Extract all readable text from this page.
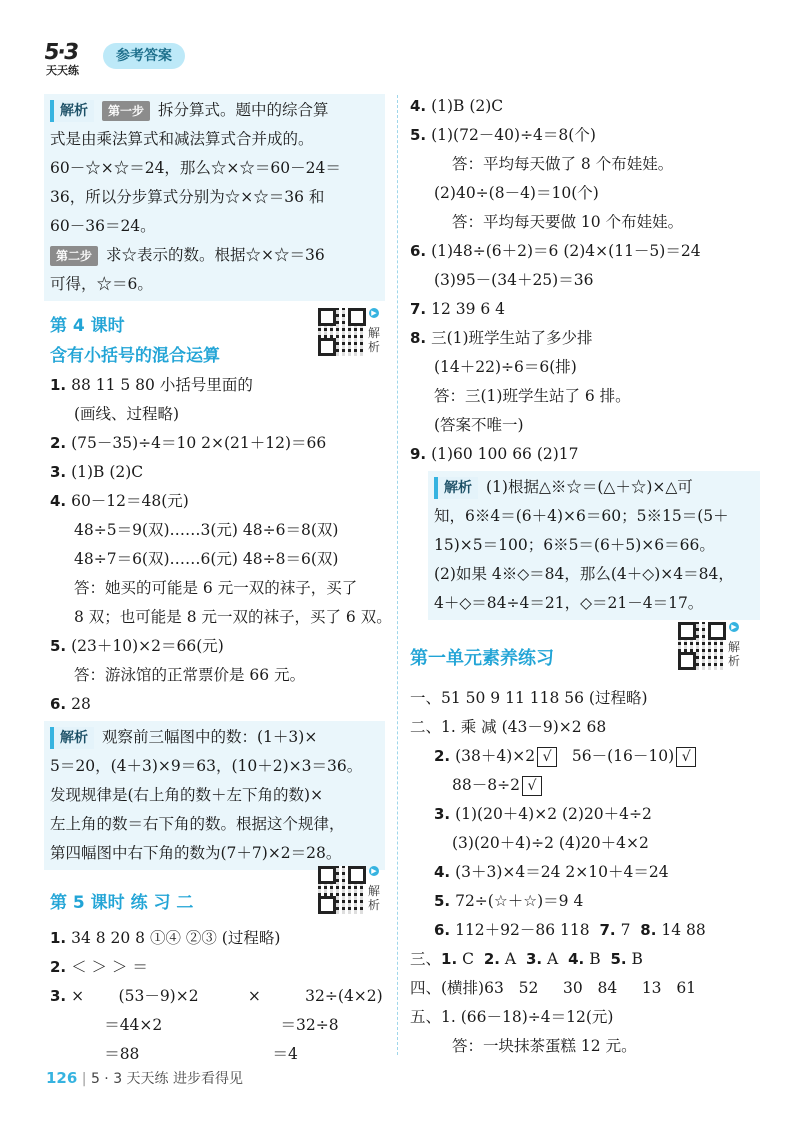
5·3
天天练
参考答案
解析 第一步 拆分算式。题中的综合算
式是由乘法算式和减法算式合并成的。
60－☆×☆＝24，那么☆×☆＝60－24＝
36，所以分步算式分别为☆×☆＝36 和
60－36＝24。
第二步 求☆表示的数。根据☆×☆＝36
可得，☆＝6。
第 4 课时
含有小括号的混合运算
1. 88 11 5 80 小括号里面的
(画线、过程略)
2. (75－35)÷4＝10 2×(21＋12)＝66
3. (1)B (2)C
4. 60－12＝48(元)
48÷5＝9(双)……3(元) 48÷6＝8(双)
48÷7＝6(双)……6(元) 48÷8＝6(双)
答：她买的可能是 6 元一双的袜子，买了
8 双；也可能是 8 元一双的袜子，买了 6 双。
5. (23＋10)×2＝66(元)
答：游泳馆的正常票价是 66 元。
6. 28
解析 观察前三幅图中的数：(1＋3)×
5＝20，(4＋3)×9＝63，(10＋2)×3＝36。
发现规律是(右上角的数＋左下角的数)×
左上角的数＝右下角的数。根据这个规律，
第四幅图中右下角的数为(7＋7)×2＝28。
第 5 课时 练 习 二
1. 34 8 20 8 ①④ ②③ (过程略)
2. ＜ ＞ ＞ ＝
3. ×       (53－9)×2          ×         32÷(4×2)
＝44×2                        ＝32÷8
＝88                           ＝4
▶
解
析
▶
解
析
▶
解
析
4. (1)B (2)C
5. (1)(72－40)÷4＝8(个)
答：平均每天做了 8 个布娃娃。
(2)40÷(8－4)＝10(个)
答：平均每天要做 10 个布娃娃。
6. (1)48÷(6＋2)＝6 (2)4×(11－5)＝24
(3)95－(34＋25)＝36
7. 12 39 6 4
8. 三(1)班学生站了多少排
(14＋22)÷6＝6(排)
答：三(1)班学生站了 6 排。
(答案不唯一)
9. (1)60 100 66 (2)17
解析 (1)根据△※☆＝(△＋☆)×△可
知，6※4＝(6＋4)×6＝60；5※15＝(5＋
15)×5＝100；6※5＝(6＋5)×6＝66。
(2)如果 4※◇＝84，那么(4＋◇)×4＝84，
4＋◇＝84÷4＝21，◇＝21－4＝17。
第一单元素养练习
一、51 50 9 11 118 56 (过程略)
二、1. 乘 减 (43－9)×2 68
2. (38＋4)×2 √ 56－(16－10) √
88－8÷2 √
3. (1)(20＋4)×2 (2)20＋4÷2
(3)(20＋4)÷2 (4)20＋4×2
4. (3＋3)×4＝24 2×10＋4＝24
5. 72÷(☆＋☆)＝9 4
6. 112＋92－86 118 7. 7 8. 14 88
三、1. C 2. A 3. A 4. B 5. B
四、(横排)63   52     30   84     13   61
五、1. (66－18)÷4＝12(元)
答：一块抹茶蛋糕 12 元。
126 | 5 · 3 天天练 进步看得见
